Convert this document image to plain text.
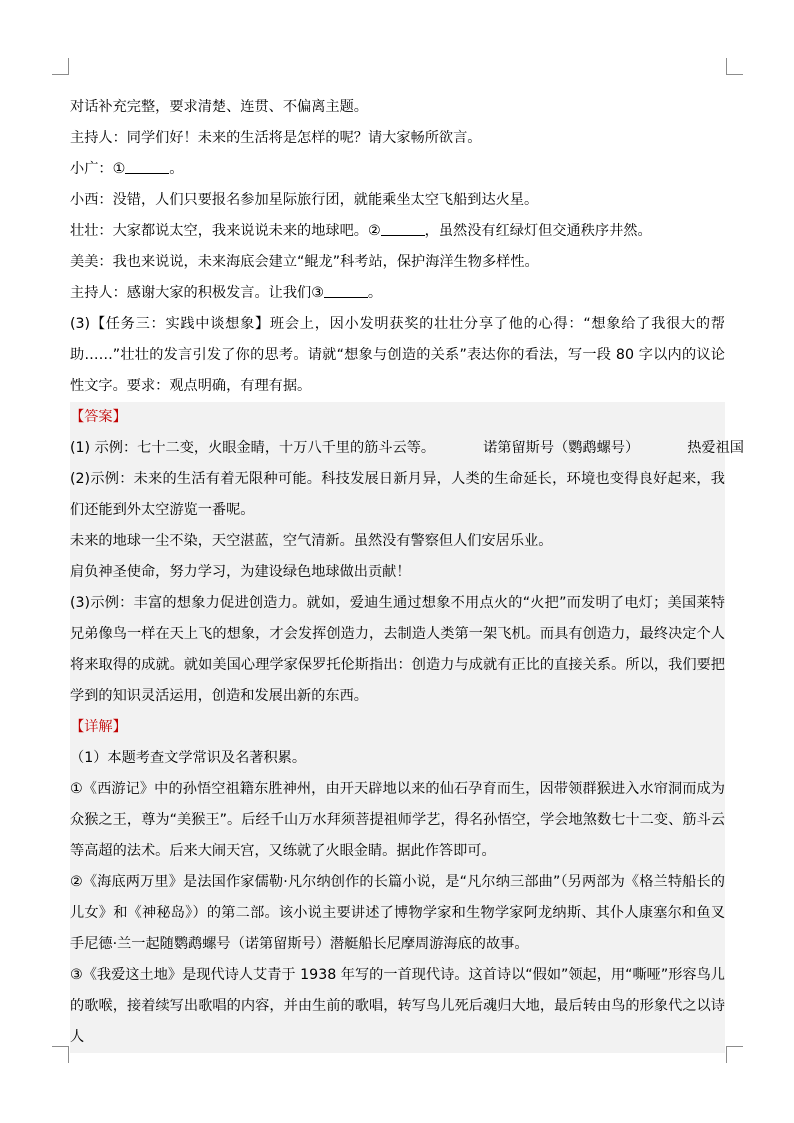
对话补充完整，要求清楚、连贯、不偏离主题。

主持人：同学们好！未来的生活将是怎样的呢？请大家畅所欲言。

小广：①	。

小西：没错，人们只要报名参加星际旅行团，就能乘坐太空飞船到达火星。

壮壮：大家都说太空，我来说说未来的地球吧。②	，虽然没有红绿灯但交通秩序井然。

美美：我也来说说，未来海底会建立“鲲龙”科考站，保护海洋生物多样性。

主持人：感谢大家的积极发言。让我们③	。

(3)【任务三：实践中谈想象】班会上，因小发明获奖的壮壮分享了他的心得：“想象给了我很大的帮助……”壮壮的发言引发了你的思考。请就“想象与创造的关系”表达你的看法，写一段 80 字以内的议论性文字。要求：观点明确，有理有据。

【答案】

(1) 示例：七十二变，火眼金睛，十万八千里的筋斗云等。	诺第留斯号（鹦鹉螺号）	热爱祖国

(2)示例：未来的生活有着无限种可能。科技发展日新月异，人类的生命延长，环境也变得良好起来，我们还能到外太空游览一番呢。

未来的地球一尘不染，天空湛蓝，空气清新。虽然没有警察但人们安居乐业。

肩负神圣使命，努力学习，为建设绿色地球做出贡献！

(3)示例：丰富的想象力促进创造力。就如，爱迪生通过想象不用点火的“火把”而发明了电灯；美国莱特兄弟像鸟一样在天上飞的想象，才会发挥创造力，去制造人类第一架飞机。而具有创造力，最终决定个人将来取得的成就。就如美国心理学家保罗托伦斯指出：创造力与成就有正比的直接关系。所以，我们要把学到的知识灵活运用，创造和发展出新的东西。

【详解】

（1）本题考查文学常识及名著积累。

①《西游记》中的孙悟空祖籍东胜神州，由开天辟地以来的仙石孕育而生，因带领群猴进入水帘洞而成为众猴之王，尊为“美猴王”。后经千山万水拜须菩提祖师学艺，得名孙悟空，学会地煞数七十二变、筋斗云等高超的法术。后来大闹天宫，又练就了火眼金睛。据此作答即可。

②《海底两万里》是法国作家儒勒·凡尔纳创作的长篇小说，是“凡尔纳三部曲”（另两部为《格兰特船长的儿女》和《神秘岛》）的第二部。该小说主要讲述了博物学家和生物学家阿龙纳斯、其仆人康塞尔和鱼叉手尼德·兰一起随鹦鹉螺号（诺第留斯号）潜艇船长尼摩周游海底的故事。

③《我爱这土地》是现代诗人艾青于 1938 年写的一首现代诗。这首诗以“假如”领起，用“嘶哑”形容鸟儿的歌喉，接着续写出歌唱的内容，并由生前的歌唱，转写鸟儿死后魂归大地，最后转由鸟的形象代之以诗人
